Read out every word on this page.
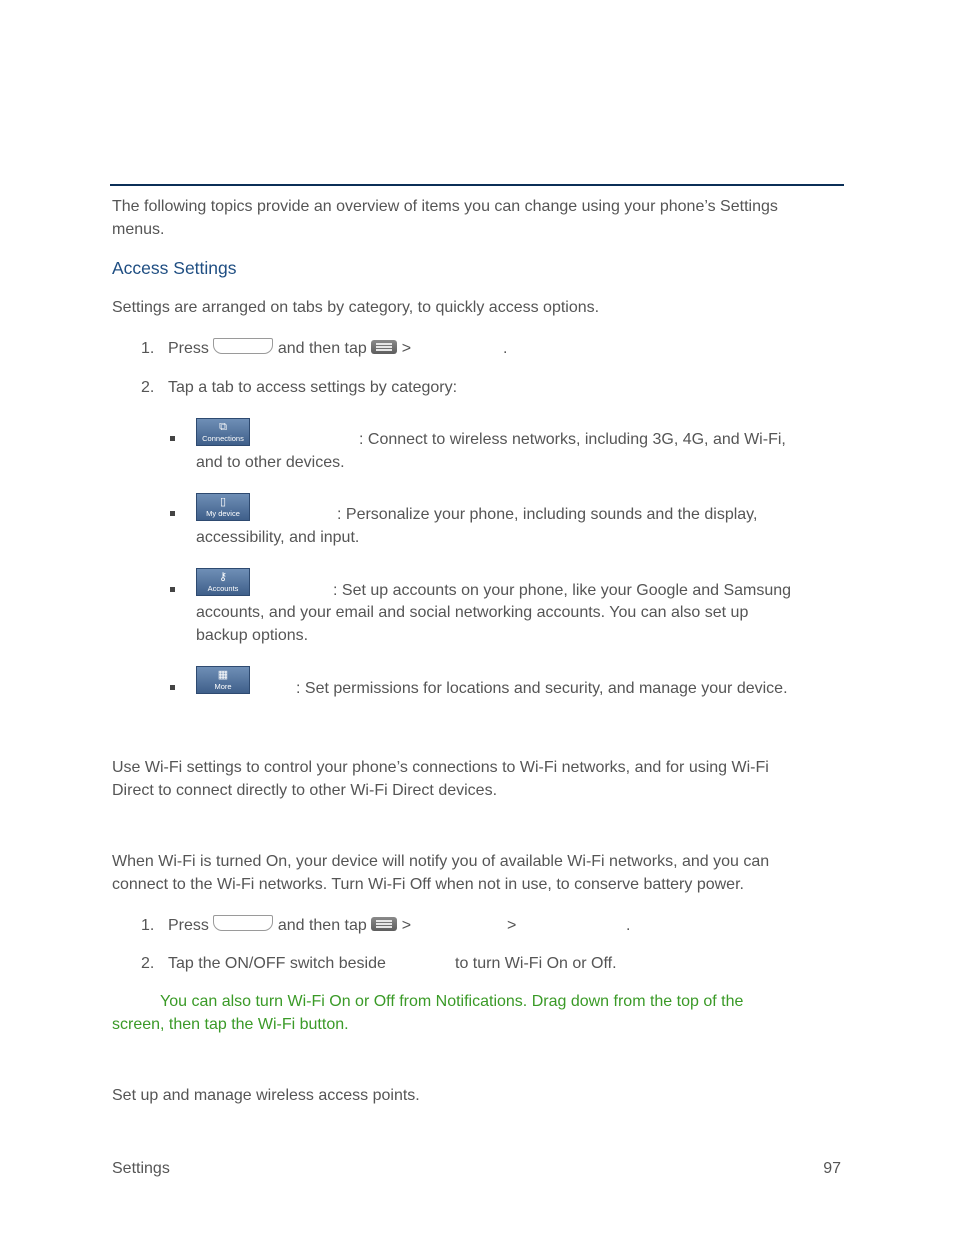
The following topics provide an overview of items you can change using your phone’s Settings
menus.
Access Settings
Settings are arranged on tabs by category, to quickly access options.
1. Press	and then tap >	.
2. Tap a tab to access settings by category:
⧉
Connections	: Connect to wireless networks, including 3G, 4G, and Wi-Fi,
and to other devices.
▯
My device	: Personalize your phone, including sounds and the display,
accessibility, and input.
⚷
Accounts	: Set up accounts on your phone, like your Google and Samsung
accounts, and your email and social networking accounts. You can also set up
backup options.
▦
More	: Set permissions for locations and security, and manage your device.
Use Wi-Fi settings to control your phone’s connections to Wi-Fi networks, and for using Wi-Fi
Direct to connect directly to other Wi-Fi Direct devices.
When Wi-Fi is turned On, your device will notify you of available Wi-Fi networks, and you can
connect to the Wi-Fi networks. Turn Wi-Fi Off when not in use, to conserve battery power.
1. Press	and then tap >	>	.
2. Tap the ON/OFF switch beside	to turn Wi-Fi On or Off.
You can also turn Wi-Fi On or Off from Notifications. Drag down from the top of the
screen, then tap the Wi-Fi button.
Set up and manage wireless access points.
Settings	97
